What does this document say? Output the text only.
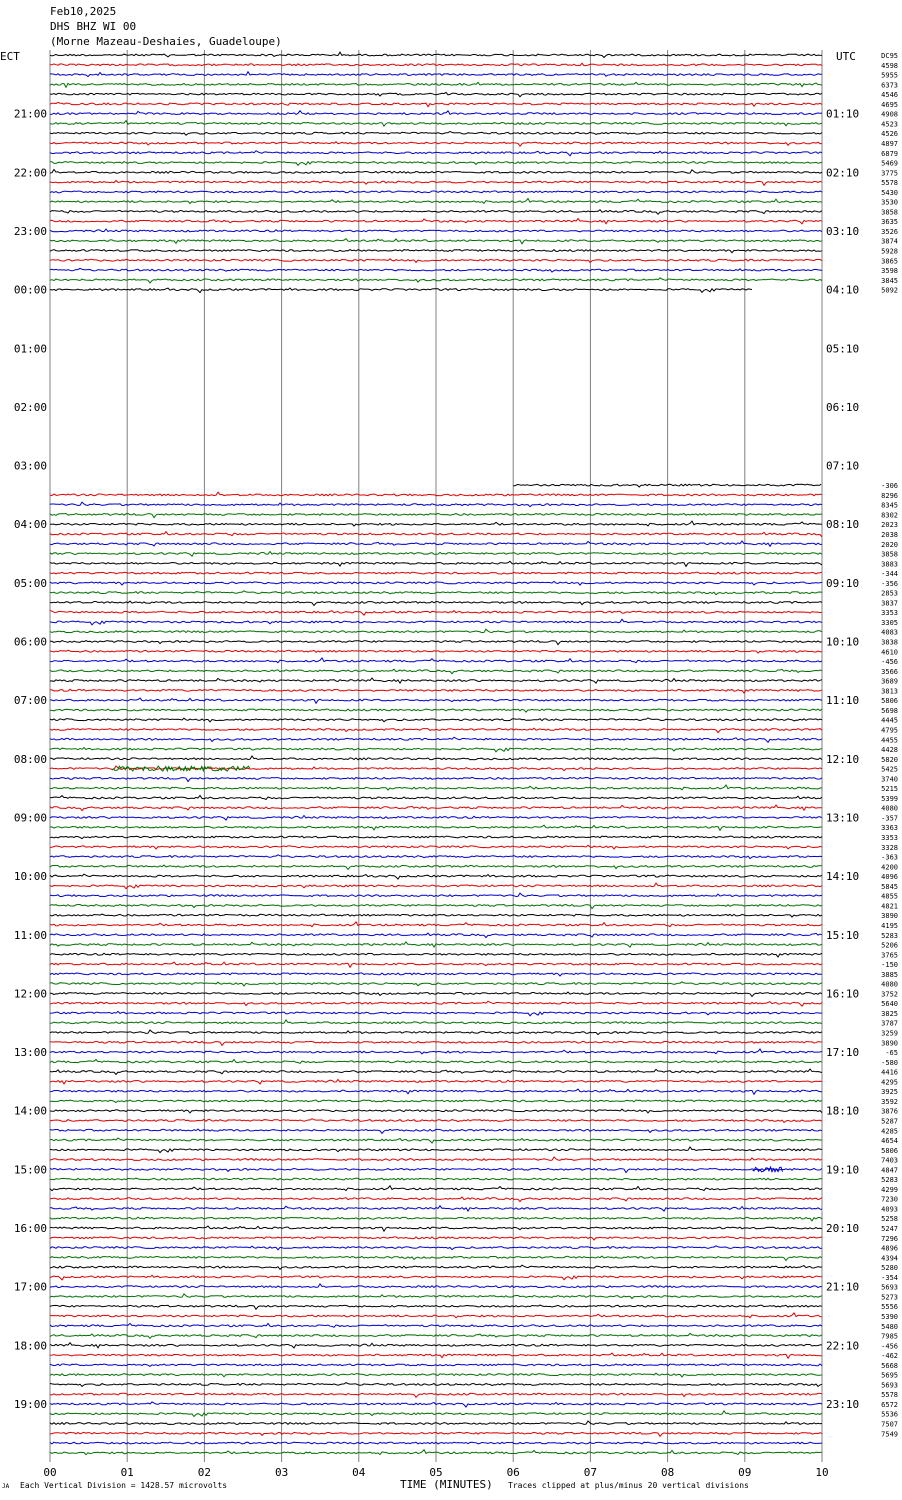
Feb10,2025
DHS BHZ WI 00
(Morne Mazeau-Deshaies, Guadeloupe)
ECT	UTC
21:00
22:00
23:00
00:00
01:00
02:00
03:00
04:00
05:00
06:00
07:00
08:00
09:00
10:00
11:00
12:00
13:00
14:00
15:00
16:00
17:00
18:00
19:00
01:10
02:10
03:10
04:10
05:10
06:10
07:10
08:10
09:10
10:10
11:10
12:10
13:10
14:10
15:10
16:10
17:10
18:10
19:10
20:10
21:10
22:10
23:10
DC95
4598
5955
6373
4546
4695
4908
4523
4526
4897
6879
5469
3775
5578
5430
3530
3858
3635
3526
3874
5928
3865
3598
3845
5092
-306
8296
8345
8302
2023
2038
2020
3858
3883
-344
-356
2853
3837
3353
3305
4083
3838
4610
-456
3566
3689
3813
5806
5698
4445
4795
4455
4428
5820
5425
3740
5215
5399
4080
-357
3363
3353
3328
-363
4200
4096
5845
4855
4821
3890
4195
5283
5206
3765
-150
3885
4080
3752
5640
3825
3787
3259
3890
-65
-580
4416
4295
3925
3592
3876
5287
4285
4654
5806
7403
4847
5283
4299
7230
4093
5258
5247
7296
4896
4394
5280
-354
5693
5273
5556
5390
5480
7985
-456
-462
5668
5695
5693
5578
6572
5536
7507
7549
00	01	02	03	04	05	06	07	08	09	10
JA Each Vertical Division = 1428.57 microvolts	TIME (MINUTES) Traces clipped at plus/minus 20 vertical divisions
